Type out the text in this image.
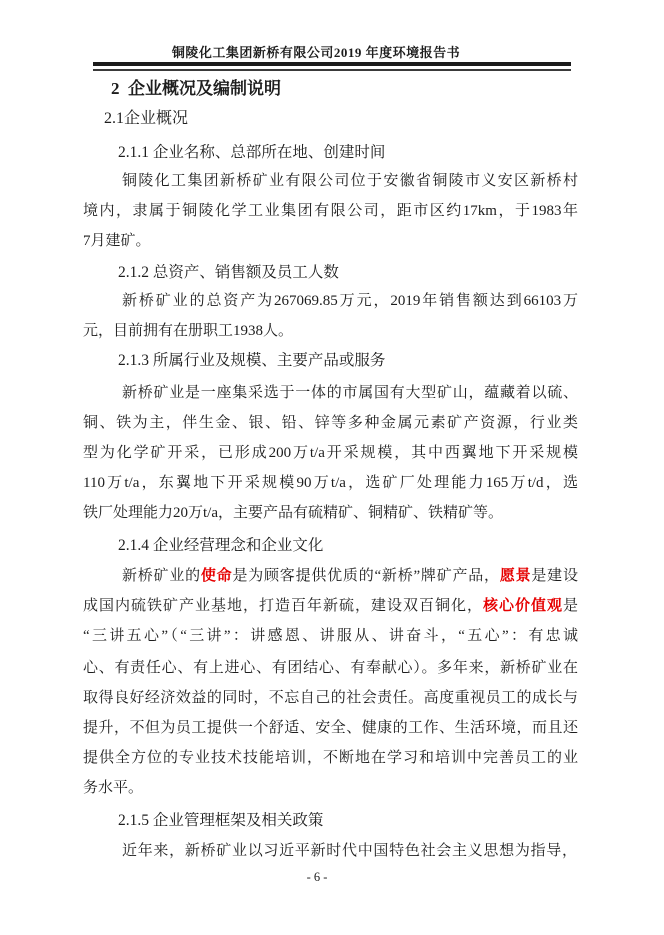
铜陵化工集团新桥有限公司2019 年度环境报告书
2  企业概况及编制说明
2.1企业概况
2.1.1 企业名称、总部所在地、创建时间
铜陵化工集团新桥矿业有限公司位于安徽省铜陵市义安区新桥村
境内，隶属于铜陵化学工业集团有限公司，距市区约17km，于1983年
7月建矿。
2.1.2 总资产、销售额及员工人数
新桥矿业的总资产为267069.85万元，2019年销售额达到66103万
元，目前拥有在册职工1938人。
2.1.3 所属行业及规模、主要产品或服务
新桥矿业是一座集采选于一体的市属国有大型矿山，蕴藏着以硫、
铜、铁为主，伴生金、银、铅、锌等多种金属元素矿产资源，行业类
型为化学矿开采，已形成200万t/a开采规模，其中西翼地下开采规模
110万t/a，东翼地下开采规模90万t/a，选矿厂处理能力165万t/d，选
铁厂处理能力20万t/a，主要产品有硫精矿、铜精矿、铁精矿等。
2.1.4 企业经营理念和企业文化
新桥矿业的使命是为顾客提供优质的“新桥”牌矿产品，愿景是建设
成国内硫铁矿产业基地，打造百年新硫，建设双百铜化，核心价值观是
“三讲五心”（“三讲”：讲感恩、讲服从、讲奋斗，“五心”：有忠诚
心、有责任心、有上进心、有团结心、有奉献心）。多年来，新桥矿业在
取得良好经济效益的同时，不忘自己的社会责任。高度重视员工的成长与
提升，不但为员工提供一个舒适、安全、健康的工作、生活环境，而且还
提供全方位的专业技术技能培训，不断地在学习和培训中完善员工的业
务水平。
2.1.5 企业管理框架及相关政策
近年来，新桥矿业以习近平新时代中国特色社会主义思想为指导，
- 6 -
